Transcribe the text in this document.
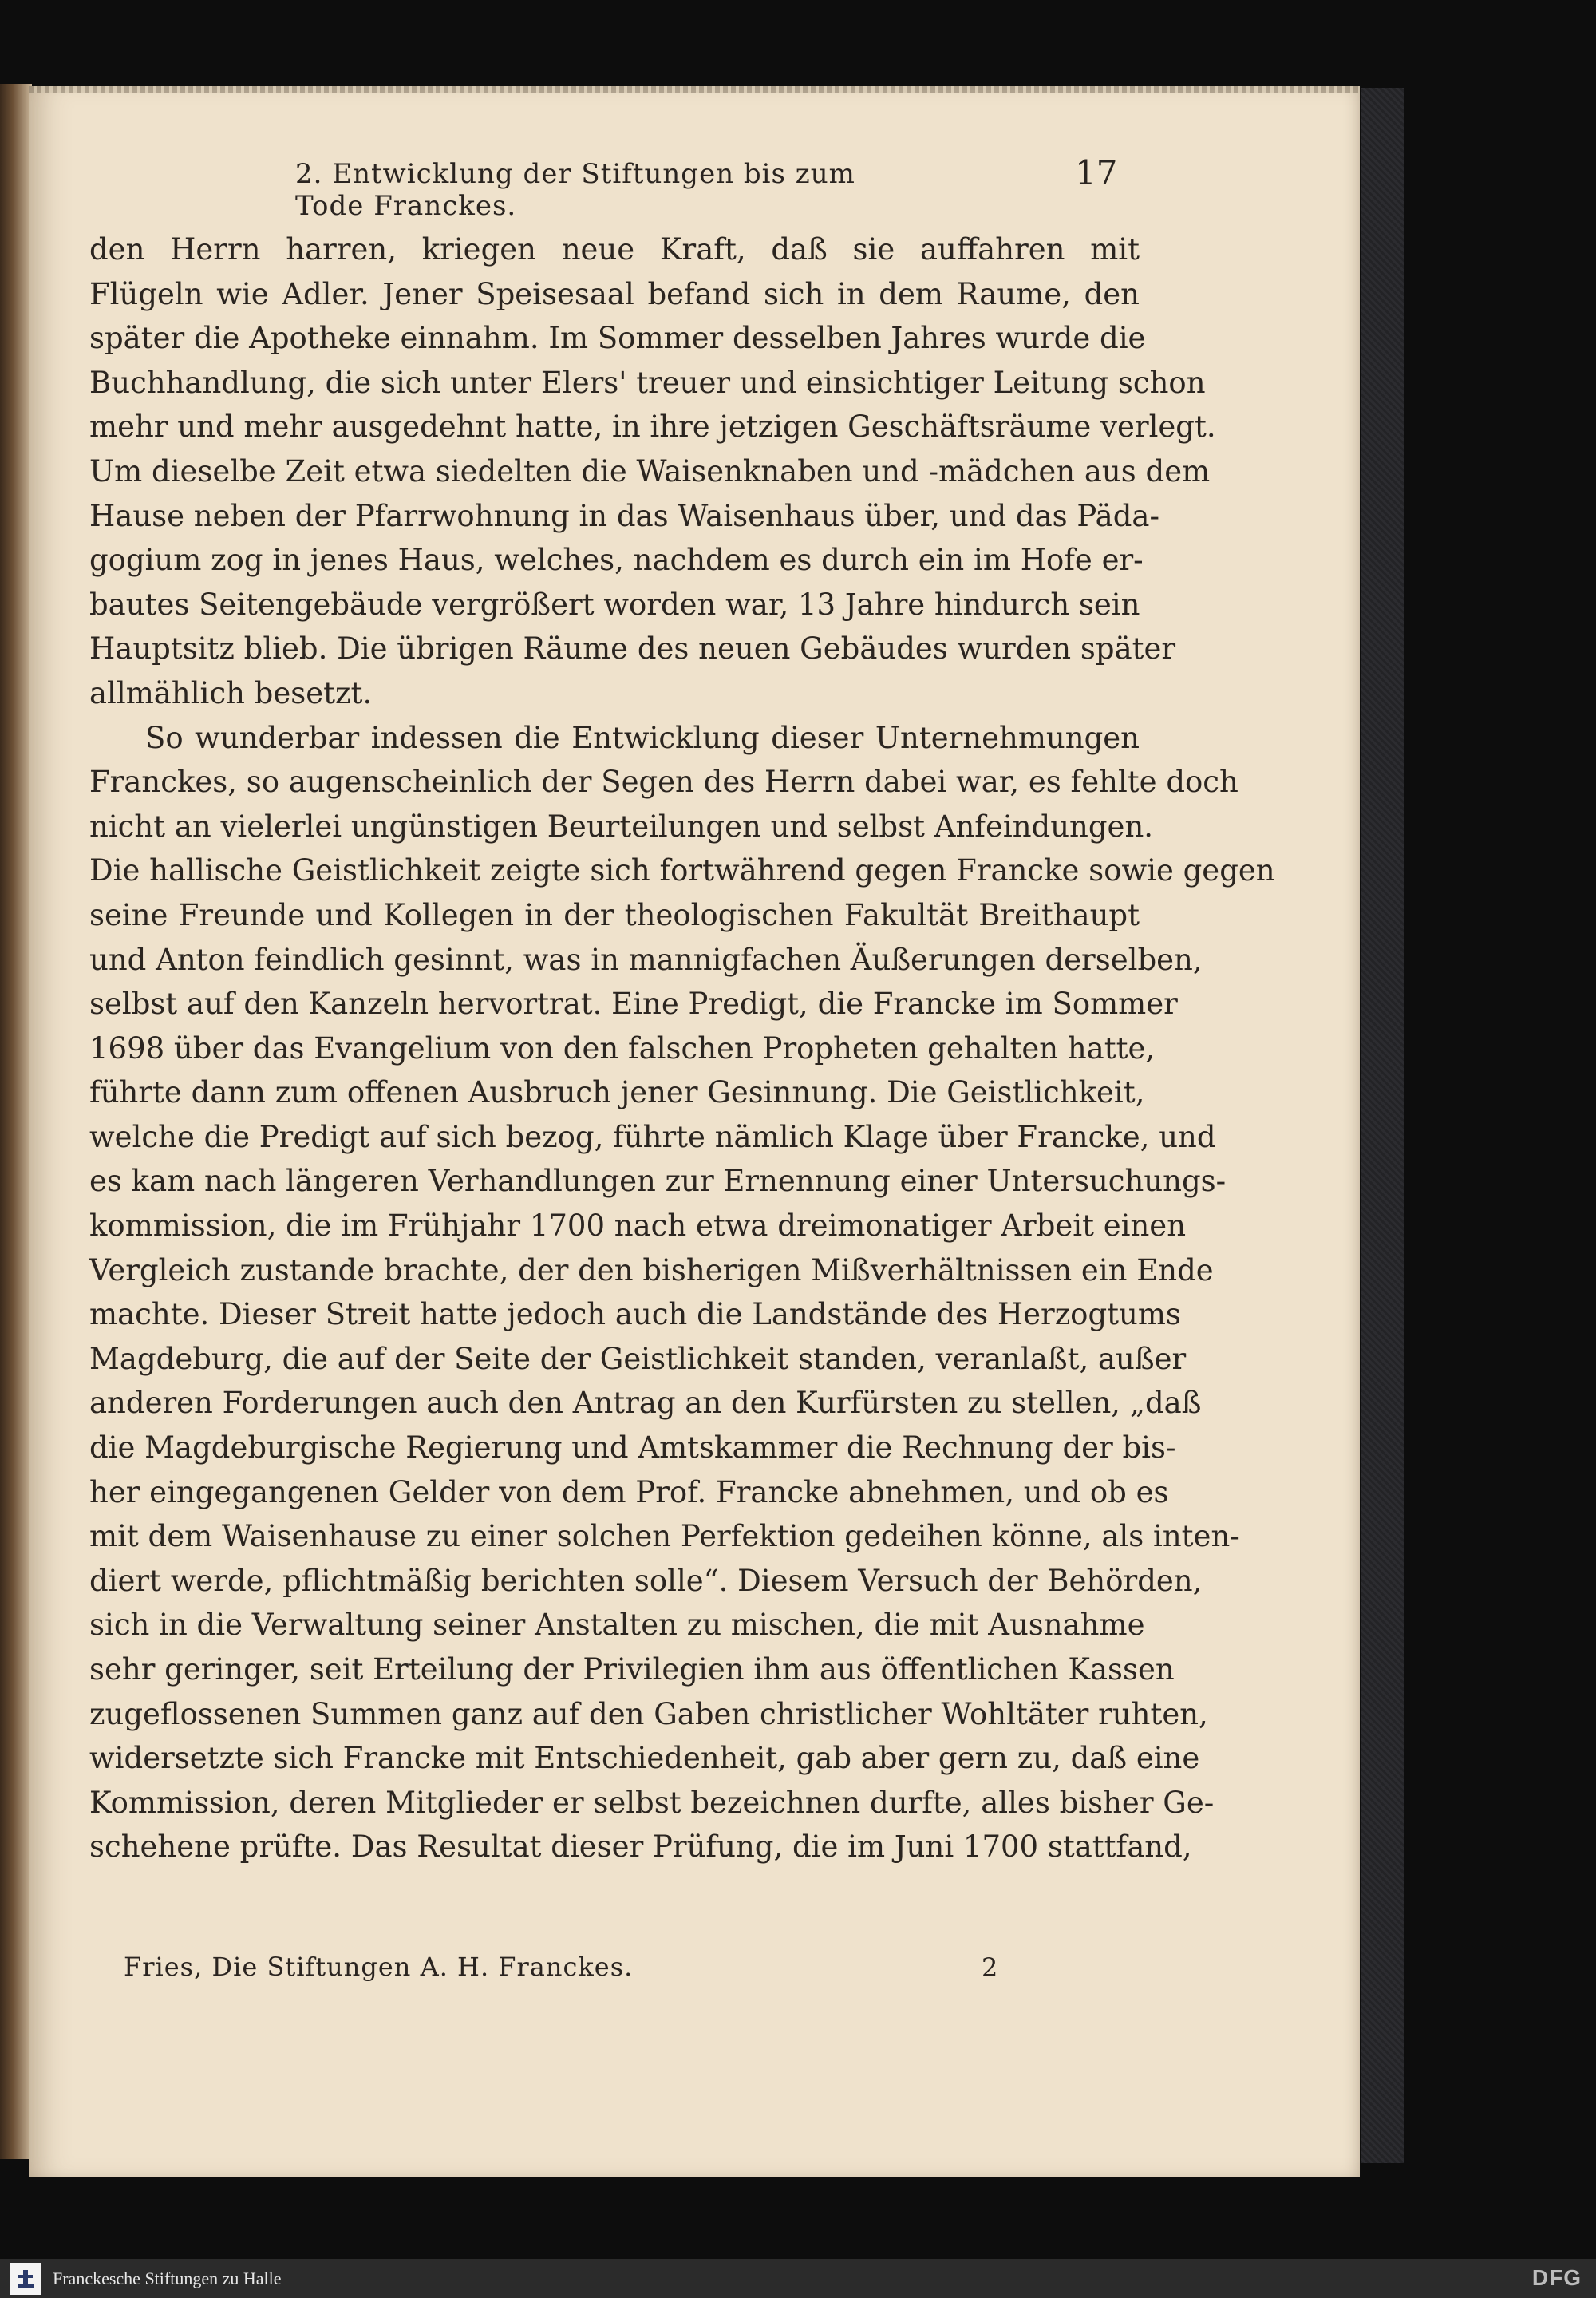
2. Entwicklung der Stiftungen bis zum Tode Franckes.
17
den Herrn harren, kriegen neue Kraft, daß sie auffahren mit
Flügeln wie Adler. Jener Speisesaal befand sich in dem Raume, den
später die Apotheke einnahm. Im Sommer desselben Jahres wurde die
Buchhandlung, die sich unter Elers' treuer und einsichtiger Leitung schon
mehr und mehr ausgedehnt hatte, in ihre jetzigen Geschäftsräume verlegt.
Um dieselbe Zeit etwa siedelten die Waisenknaben und -mädchen aus dem
Hause neben der Pfarrwohnung in das Waisenhaus über, und das Päda-
gogium zog in jenes Haus, welches, nachdem es durch ein im Hofe er-
bautes Seitengebäude vergrößert worden war, 13 Jahre hindurch sein
Hauptsitz blieb. Die übrigen Räume des neuen Gebäudes wurden später
allmählich besetzt.
So wunderbar indessen die Entwicklung dieser Unternehmungen
Franckes, so augenscheinlich der Segen des Herrn dabei war, es fehlte doch
nicht an vielerlei ungünstigen Beurteilungen und selbst Anfeindungen.
Die hallische Geistlichkeit zeigte sich fortwährend gegen Francke sowie gegen
seine Freunde und Kollegen in der theologischen Fakultät Breithaupt
und Anton feindlich gesinnt, was in mannigfachen Äußerungen derselben,
selbst auf den Kanzeln hervortrat. Eine Predigt, die Francke im Sommer
1698 über das Evangelium von den falschen Propheten gehalten hatte,
führte dann zum offenen Ausbruch jener Gesinnung. Die Geistlichkeit,
welche die Predigt auf sich bezog, führte nämlich Klage über Francke, und
es kam nach längeren Verhandlungen zur Ernennung einer Untersuchungs-
kommission, die im Frühjahr 1700 nach etwa dreimonatiger Arbeit einen
Vergleich zustande brachte, der den bisherigen Mißverhältnissen ein Ende
machte. Dieser Streit hatte jedoch auch die Landstände des Herzogtums
Magdeburg, die auf der Seite der Geistlichkeit standen, veranlaßt, außer
anderen Forderungen auch den Antrag an den Kurfürsten zu stellen, „daß
die Magdeburgische Regierung und Amtskammer die Rechnung der bis-
her eingegangenen Gelder von dem Prof. Francke abnehmen, und ob es
mit dem Waisenhause zu einer solchen Perfektion gedeihen könne, als inten-
diert werde, pflichtmäßig berichten solle“. Diesem Versuch der Behörden,
sich in die Verwaltung seiner Anstalten zu mischen, die mit Ausnahme
sehr geringer, seit Erteilung der Privilegien ihm aus öffentlichen Kassen
zugeflossenen Summen ganz auf den Gaben christlicher Wohltäter ruhten,
widersetzte sich Francke mit Entschiedenheit, gab aber gern zu, daß eine
Kommission, deren Mitglieder er selbst bezeichnen durfte, alles bisher Ge-
schehene prüfte. Das Resultat dieser Prüfung, die im Juni 1700 stattfand,
Fries, Die Stiftungen A. H. Franckes.	2
Franckesche Stiftungen zu Halle	DFG
